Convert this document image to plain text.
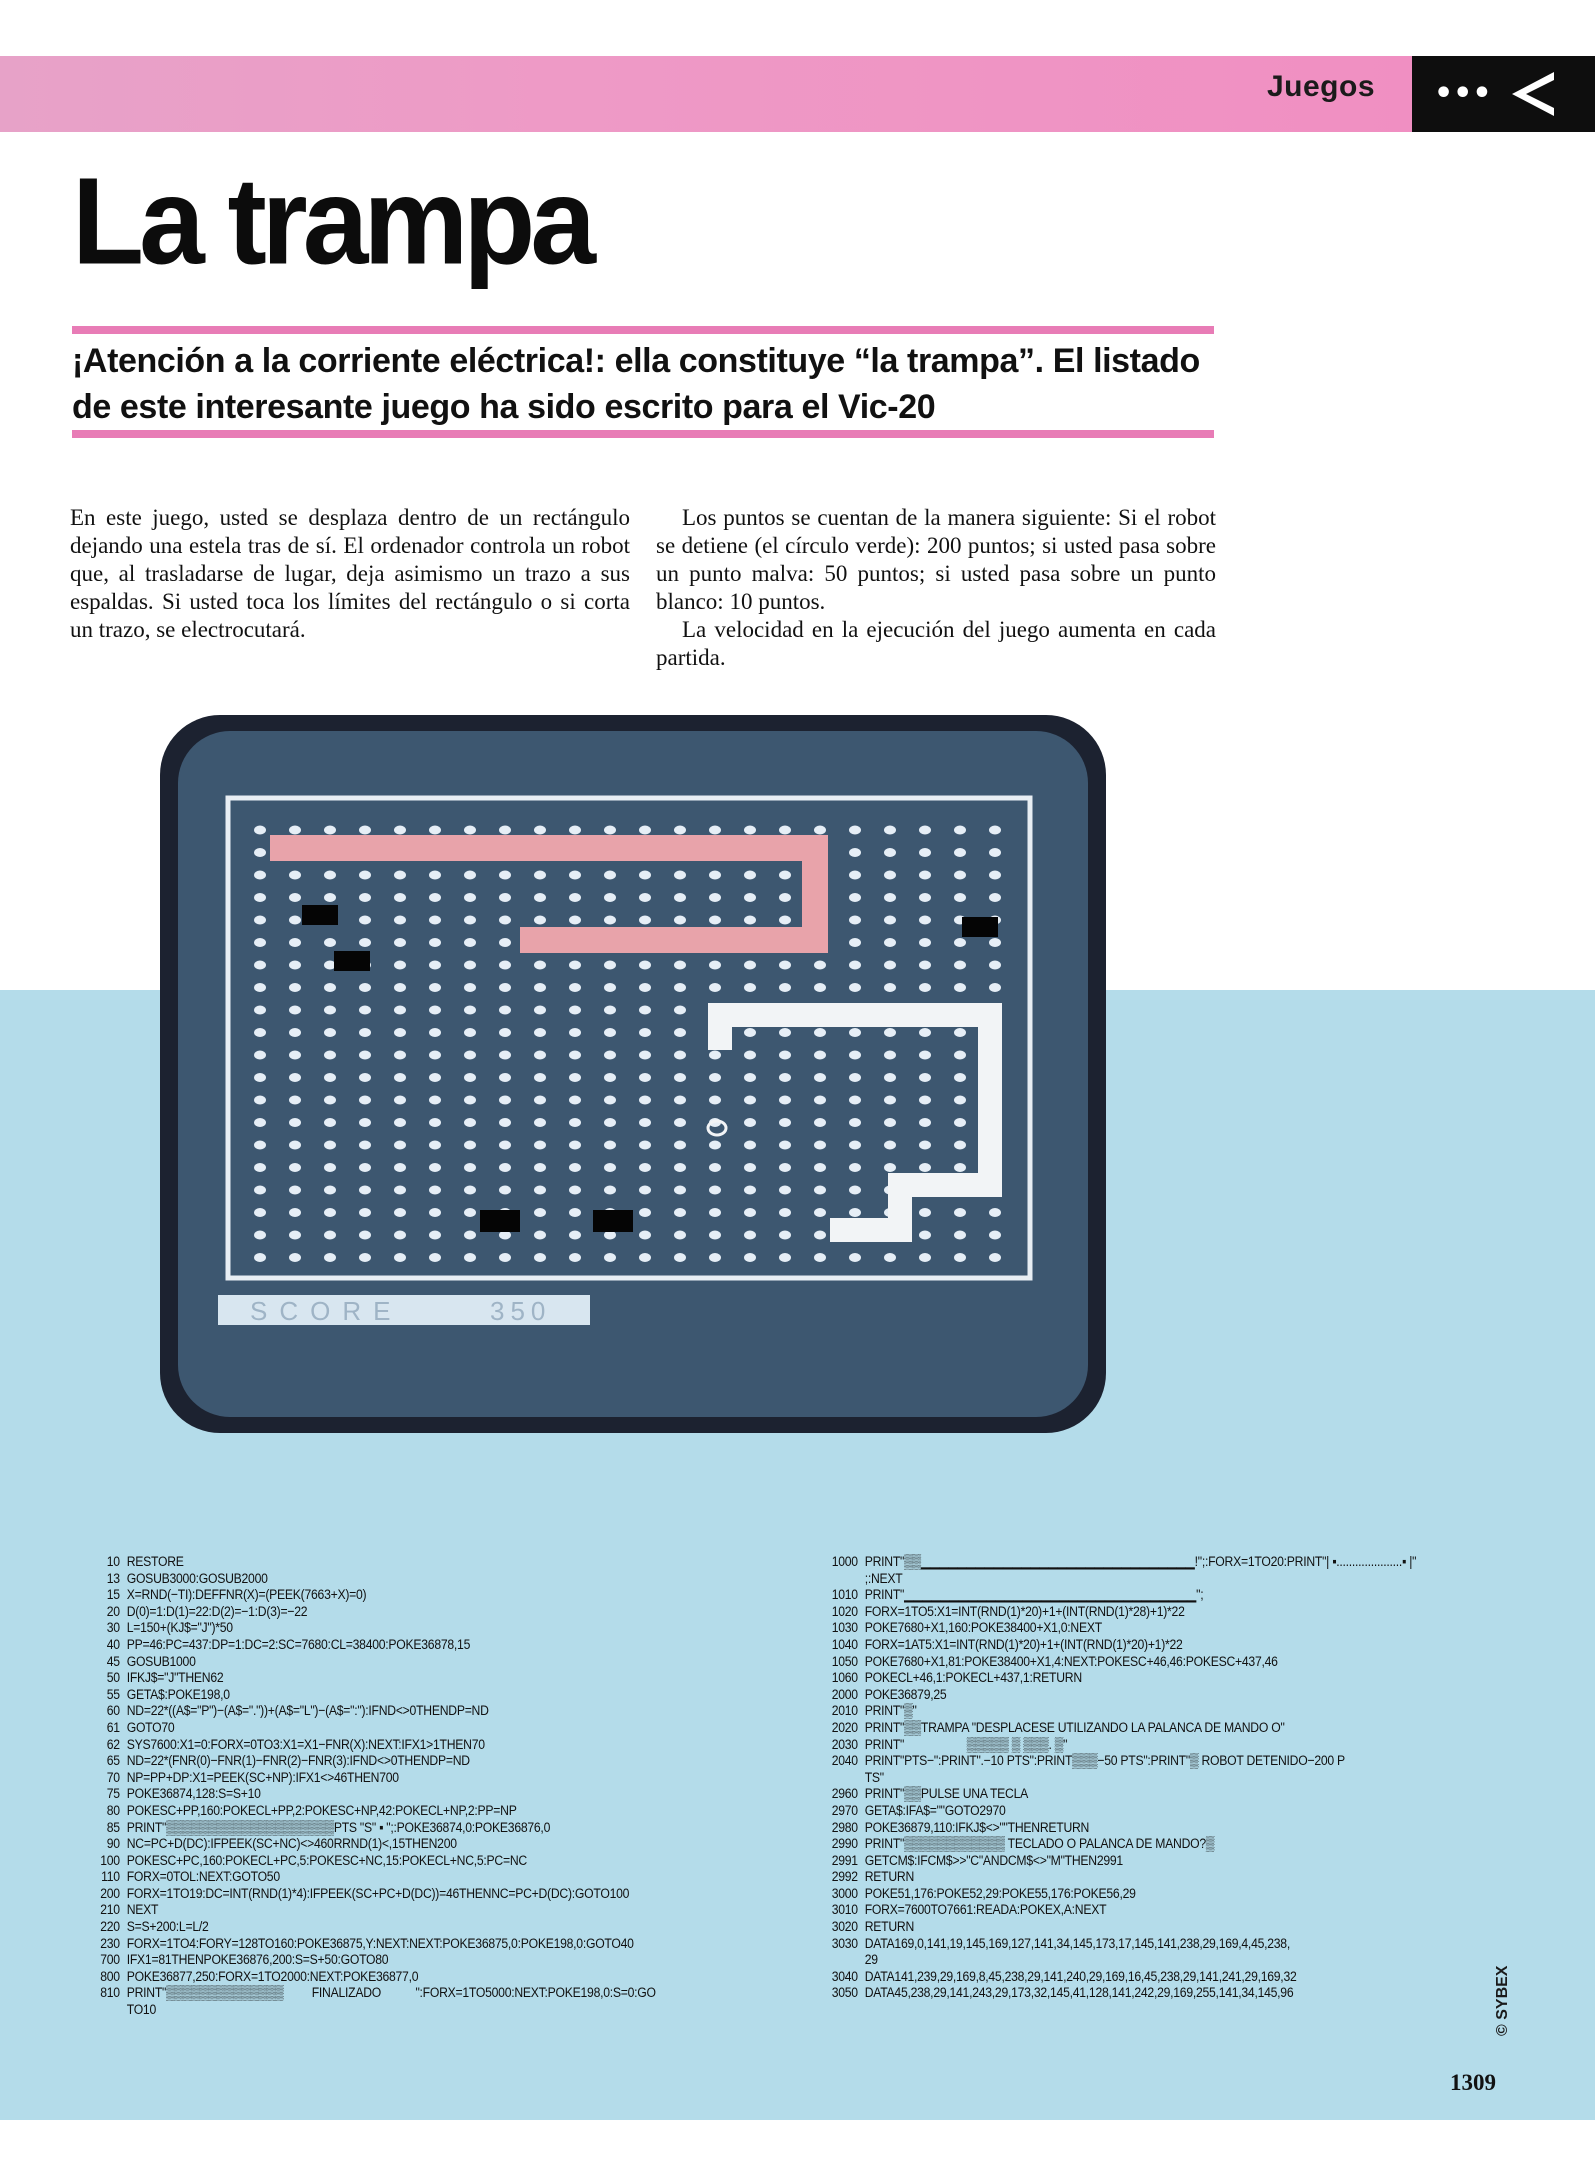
Juegos •••
La trampa

¡Atención a la corriente eléctrica!: ella constituye “la trampa”. El listado de este interesante juego ha sido escrito para el Vic-20

En este juego, usted se desplaza dentro de un rectángulo dejando una estela tras de sí. El ordenador controla un robot que, al trasladarse de lugar, deja asimismo un trazo a sus espaldas. Si usted toca los límites del rectángulo o si corta un trazo, se electrocutará.

Los puntos se cuentan de la manera siguiente: Si el robot se detiene (el círculo verde): 200 puntos; si usted pasa sobre un punto malva: 50 puntos; si usted pasa sobre un punto blanco: 10 puntos.

La velocidad en la ejecución del juego aumenta en cada partida.

SCORE	350
10 RESTORE
13 GOSUB3000:GOSUB2000
15 X=RND(−TI):DEFFNR(X)=(PEEK(7663+X)=0)
20 D(0)=1:D(1)=22:D(2)=−1:D(3)=−22
30 L=150+(KJ$="J")*50
40 PP=46:PC=437:DP=1:DC=2:SC=7680:CL=38400:POKE36878,15
45 GOSUB1000
50 IFKJ$="J"THEN62
55 GETA$:POKE198,0
60 ND=22*((A$="P")−(A$="."))+(A$="L")−(A$=":"):IFND<>0THENDP=ND
61 GOTO70
62 SYS7600:X1=0:FORX=0TO3:X1=X1−FNR(X):NEXT:IFX1>1THEN70
65 ND=22*(FNR(0)−FNR(1)−FNR(2)−FNR(3):IFND<>0THENDP=ND
70 NP=PP+DP:X1=PEEK(SC+NP):IFX1<>46THEN700
75 POKE36874,128:S=S+10
80 POKESC+PP,160:POKECL+PP,2:POKESC+NP,42:POKECL+NP,2:PP=NP
85 PRINT"▒▒▒▒▒▒▒▒▒▒▒▒▒▒▒▒▒▒▒▒PTS "S" ▪ ";:POKE36874,0:POKE36876,0
90 NC=PC+D(DC):IFPEEK(SC+NC)<>460RRND(1)<,15THEN200
100 POKESC+PC,160:POKECL+PC,5:POKESC+NC,15:POKECL+NC,5:PC=NC
110 FORX=0TOL:NEXT:GOTO50
200 FORX=1TO19:DC=INT(RND(1)*4):IFPEEK(SC+PC+D(DC))=46THENNC=PC+D(DC):GOTO100
210 NEXT
220 S=S+200:L=L/2
230 FORX=1TO4:FORY=128TO160:POKE36875,Y:NEXT:NEXT:POKE36875,0:POKE198,0:GOTO40
700 IFX1=81THENPOKE36876,200:S=S+50:GOTO80
800 POKE36877,250:FORX=1TO2000:NEXT:POKE36877,0
810 PRINT"▒▒▒▒▒▒▒▒▒▒▒▒▒▒         FINALIZADO           ":FORX=1TO5000:NEXT:POKE198,0:S=0:GO
TO10
1000 PRINT"▒▒▁▁▁▁▁▁▁▁▁▁▁▁▁▁▁▁▁▁▁▁▁▁▁▁▁▁▁▁▁▁!";:FORX=1TO20:PRINT"| ▪.....................▪ |"
;:NEXT
1010 PRINT"▁▁▁▁▁▁▁▁▁▁▁▁▁▁▁▁▁▁▁▁▁▁▁▁▁▁▁▁▁▁▁▁";
1020 FORX=1TO5:X1=INT(RND(1)*20)+1+(INT(RND(1)*28)+1)*22
1030 POKE7680+X1,160:POKE38400+X1,0:NEXT
1040 FORX=1AT5:X1=INT(RND(1)*20)+1+(INT(RND(1)*20)+1)*22
1050 POKE7680+X1,81:POKE38400+X1,4:NEXT:POKESC+46,46:POKESC+437,46
1060 POKECL+46,1:POKECL+437,1:RETURN
2000 POKE36879,25
2010 PRINT"▒"
2020 PRINT"▒▒TRAMPA "DESPLACESE UTILIZANDO LA PALANCA DE MANDO O"
2030 PRINT"                    ▒▒▒▒▒ ▒ ▒▒▒. ▒"
2040 PRINT"PTS−":PRINT".−10 PTS":PRINT▒▒▒−50 PTS":PRINT"▒ ROBOT DETENIDO−200 P
TS"
2960 PRINT"▒▒PULSE UNA TECLA
2970 GETA$:IFA$=""GOTO2970
2980 POKE36879,110:IFKJ$<>""THENRETURN
2990 PRINT"▒▒▒▒▒▒▒▒▒▒▒▒ TECLADO O PALANCA DE MANDO?▒
2991 GETCM$:IFCM$>>"C"ANDCM$<>"M"THEN2991
2992 RETURN
3000 POKE51,176:POKE52,29:POKE55,176:POKE56,29
3010 FORX=7600TO7661:READA:POKEX,A:NEXT
3020 RETURN
3030 DATA169,0,141,19,145,169,127,141,34,145,173,17,145,141,238,29,169,4,45,238,
29
3040 DATA141,239,29,169,8,45,238,29,141,240,29,169,16,45,238,29,141,241,29,169,32
3050 DATA45,238,29,141,243,29,173,32,145,41,128,141,242,29,169,255,141,34,145,96	© SYBEX
1309
